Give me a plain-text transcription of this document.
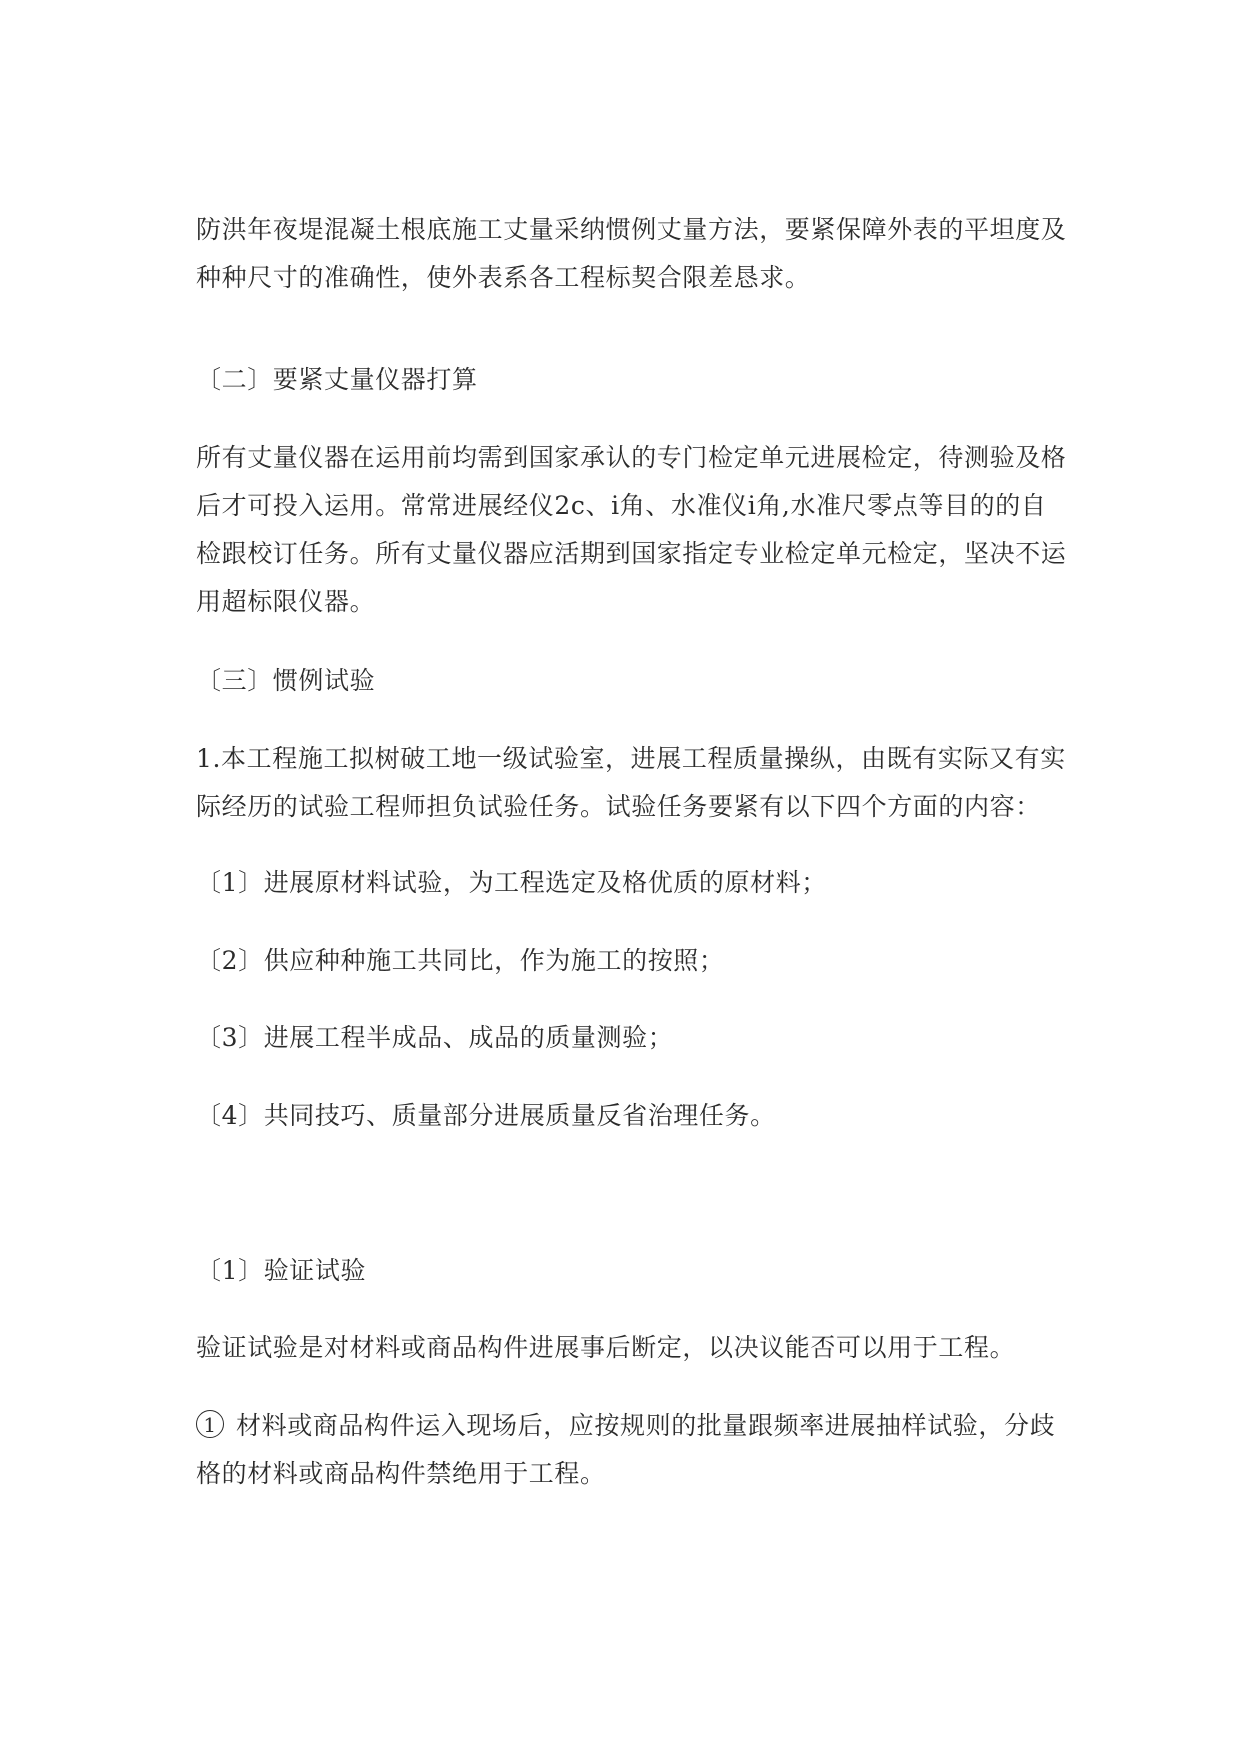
防洪年夜堤混凝土根底施工丈量采纳惯例丈量方法，要紧保障外表的平坦度及
种种尺寸的准确性，使外表系各工程标契合限差恳求。

〔二〕要紧丈量仪器打算

所有丈量仪器在运用前均需到国家承认的专门检定单元进展检定，待测验及格
后才可投入运用。常常进展经仪2c、i角、水准仪i角,水准尺零点等目的的自
检跟校订任务。所有丈量仪器应活期到国家指定专业检定单元检定，坚决不运
用超标限仪器。

〔三〕惯例试验

1.本工程施工拟树破工地一级试验室，进展工程质量操纵，由既有实际又有实
际经历的试验工程师担负试验任务。试验任务要紧有以下四个方面的内容：

〔1〕进展原材料试验，为工程选定及格优质的原材料；

〔2〕供应种种施工共同比，作为施工的按照；

〔3〕进展工程半成品、成品的质量测验；

〔4〕共同技巧、质量部分进展质量反省治理任务。

〔1〕验证试验

验证试验是对材料或商品构件进展事后断定，以决议能否可以用于工程。

1 材料或商品构件运入现场后，应按规则的批量跟频率进展抽样试验，分歧
格的材料或商品构件禁绝用于工程。
